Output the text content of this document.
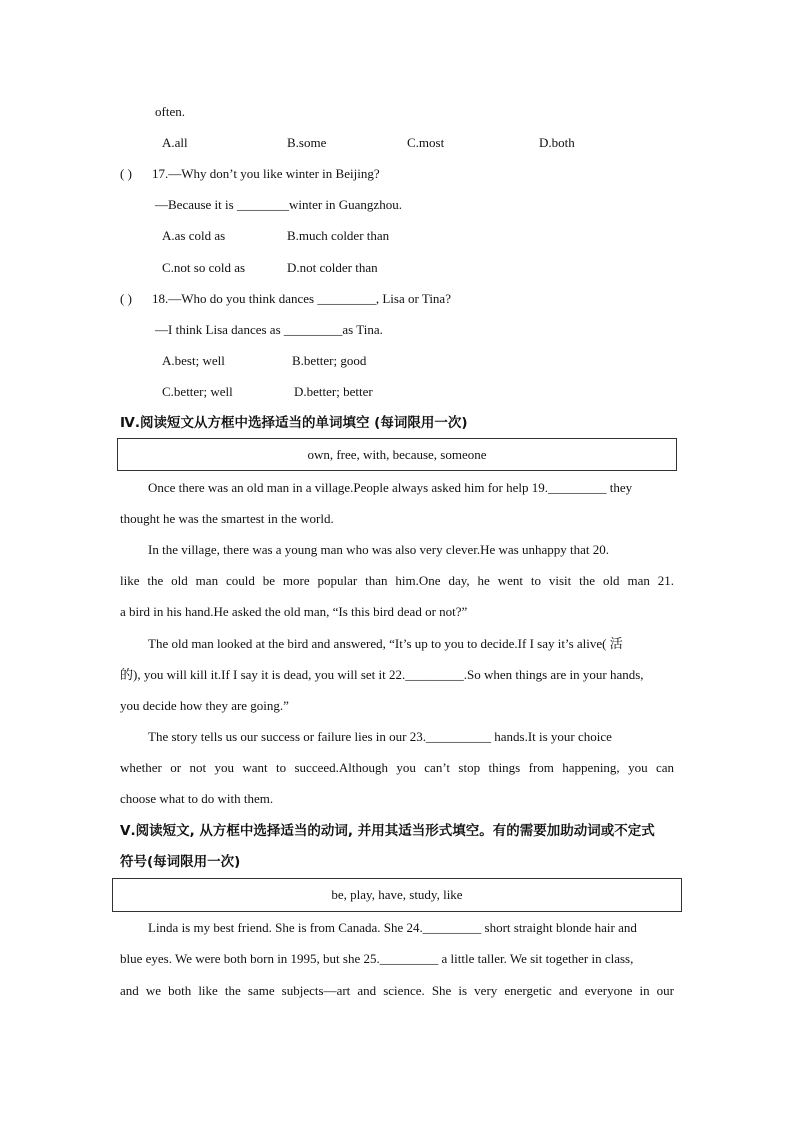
often.
A.all	B.some	C.most	D.both
( ) 17.—Why don’t you like winter in Beijing?
—Because it is ________winter in Guangzhou.
A.as cold as	B.much colder than
C.not so cold as	D.not colder than
( ) 18.—Who do you think dances _________, Lisa or Tina?
—I think Lisa dances as _________as Tina.
A.best; well	B.better; good
C.better; well	D.better; better
Ⅳ.阅读短文从方框中选择适当的单词填空 (每词限用一次)
own, free, with, because, someone
Once there was an old man in a village.People always asked him for help 19._________ they
thought he was the smartest in the world.
In the village, there was a young man who was also very clever.He was unhappy that 20.
like the old man could be more popular than him.One day, he went to visit the old man 21.
a bird in his hand.He asked the old man, “Is this bird dead or not?”
The old man looked at the bird and answered, “It’s up to you to decide.If I say it’s alive( 活
的), you will kill it.If I say it is dead, you will set it 22._________.So when things are in your hands,
you decide how they are going.”
The story tells us our success or failure lies in our 23.__________ hands.It is your choice
whether or not you want to succeed.Although you can’t stop things from happening, you can
choose what to do with them.
Ⅴ.阅读短文, 从方框中选择适当的动词, 并用其适当形式填空。有的需要加助动词或不定式
符号(每词限用一次)
be, play, have, study, like
Linda is my best friend. She is from Canada. She 24._________ short straight blonde hair and
blue eyes. We were both born in 1995, but she 25._________ a little taller. We sit together in class,
and we both like the same subjects—art and science. She is very energetic and everyone in our
